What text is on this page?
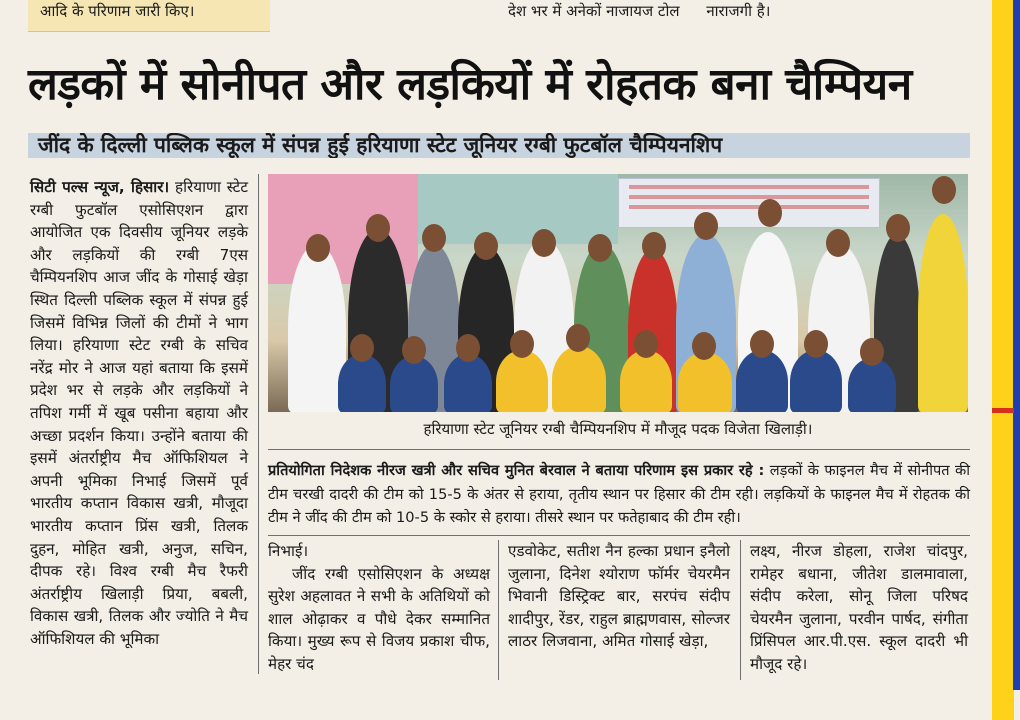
आदि के परिणाम जारी किए।	देश भर में अनेकों नाजायज टोल नाराजगी है।
लड़कों में सोनीपत और लड़कियों में रोहतक बना चैम्पियन
जींद के दिल्ली पब्लिक स्कूल में संपन्न हुई हरियाणा स्टेट जूनियर रग्बी फुटबॉल चैम्पियनशिप
सिटी पल्स न्यूज, हिसार। हरियाणा स्टेट रग्बी फुटबॉल एसोसिएशन द्वारा आयोजित एक दिवसीय जूनियर लड़के और लड़कियों की रग्बी 7एस चैम्पियनशिप आज जींद के गोसाई खेड़ा स्थित दिल्ली पब्लिक स्कूल में संपन्न हुई जिसमें विभिन्न जिलों की टीमों ने भाग लिया। हरियाणा स्टेट रग्बी के सचिव नरेंद्र मोर ने आज यहां बताया कि इसमें प्रदेश भर से लड़के और लड़कियों ने तपिश गर्मी में खूब पसीना बहाया और अच्छा प्रदर्शन किया। उन्होंने बताया की इसमें अंतर्राष्ट्रीय मैच ऑफिशियल ने अपनी भूमिका निभाई जिसमें पूर्व भारतीय कप्तान विकास खत्री, मौजूदा भारतीय कप्तान प्रिंस खत्री, तिलक दुहन, मोहित खत्री, अनुज, सचिन, दीपक रहे। विश्व रग्बी मैच रैफरी अंतर्राष्ट्रीय खिलाड़ी प्रिया, बबली, विकास खत्री, तिलक और ज्योति ने मैच ऑफिशियल की भूमिका
हरियाणा स्टेट जूनियर रग्बी चैम्पियनशिप में मौजूद पदक विजेता खिलाड़ी।
प्रतियोगिता निदेशक नीरज खत्री और सचिव मुनित बेरवाल ने बताया परिणाम इस प्रकार रहे : लड़कों के फाइनल मैच में सोनीपत की टीम चरखी दादरी की टीम को 15-5 के अंतर से हराया, तृतीय स्थान पर हिसार की टीम रही। लड़कियों के फाइनल मैच में रोहतक की टीम ने जींद की टीम को 10-5 के स्कोर से हराया। तीसरे स्थान पर फतेहाबाद की टीम रही।

निभाई।

जींद रग्बी एसोसिएशन के अध्यक्ष सुरेश अहलावत ने सभी के अतिथियों को शाल ओढ़ाकर व पौधे देकर सम्मानित किया। मुख्य रूप से विजय प्रकाश चीफ, मेहर चंद

एडवोकेट, सतीश नैन हल्का प्रधान इनैलो जुलाना, दिनेश श्योराण फॉर्मर चेयरमैन भिवानी डिस्ट्रिक्ट बार, सरपंच संदीप शादीपुर, रेंडर, राहुल ब्राह्मणवास, सोल्जर लाठर लिजवाना, अमित गोसाई खेड़ा,

लक्ष्य, नीरज डोहला, राजेश चांदपुर, रामेहर बधाना, जीतेश डालमावाला, संदीप करेला, सोनू जिला परिषद चेयरमैन जुलाना, परवीन पार्षद, संगीता प्रिंसिपल आर.पी.एस. स्कूल दादरी भी मौजूद रहे।
